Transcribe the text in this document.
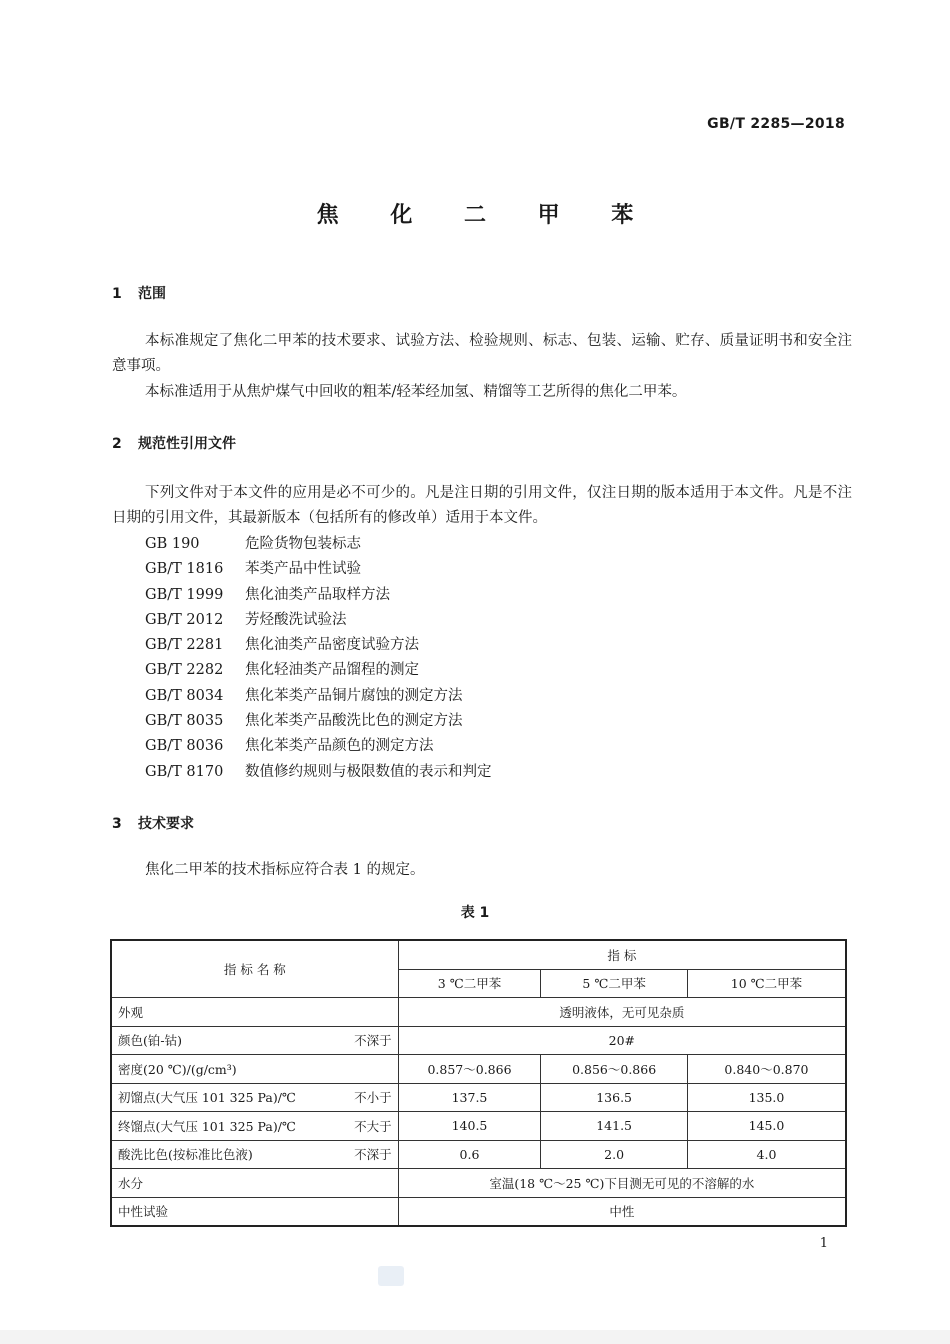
GB/T 2285—2018
焦 化 二 甲 苯
1 范围
本标准规定了焦化二甲苯的技术要求、试验方法、检验规则、标志、包装、运输、贮存、质量证明书和安全注意事项。
本标准适用于从焦炉煤气中回收的粗苯/轻苯经加氢、精馏等工艺所得的焦化二甲苯。
2 规范性引用文件
下列文件对于本文件的应用是必不可少的。凡是注日期的引用文件，仅注日期的版本适用于本文件。凡是不注日期的引用文件，其最新版本（包括所有的修改单）适用于本文件。
GB 190	危险货物包装标志
GB/T 1816 苯类产品中性试验
GB/T 1999 焦化油类产品取样方法
GB/T 2012 芳烃酸洗试验法
GB/T 2281 焦化油类产品密度试验方法
GB/T 2282 焦化轻油类产品馏程的测定
GB/T 8034 焦化苯类产品铜片腐蚀的测定方法
GB/T 8035 焦化苯类产品酸洗比色的测定方法
GB/T 8036 焦化苯类产品颜色的测定方法
GB/T 8170 数值修约规则与极限数值的表示和判定
3 技术要求
焦化二甲苯的技术指标应符合表 1 的规定。
表 1
指 标 名 称	指 标		
	3 ℃二甲苯	5 ℃二甲苯	10 ℃二甲苯

外观	透明液体，无可见杂质		

颜色(铂-钴) 不深于	20#		

密度(20 ℃)/(g/cm³)	0.857～0.866	0.856～0.866	0.840～0.870

初馏点(大气压 101 325 Pa)/℃ 不小于	137.5	136.5	135.0

终馏点(大气压 101 325 Pa)/℃ 不大于	140.5	141.5	145.0

酸洗比色(按标准比色液) 不深于	0.6	2.0	4.0

水分	室温(18 ℃～25 ℃)下目测无可见的不溶解的水		

中性试验	中性		
1
